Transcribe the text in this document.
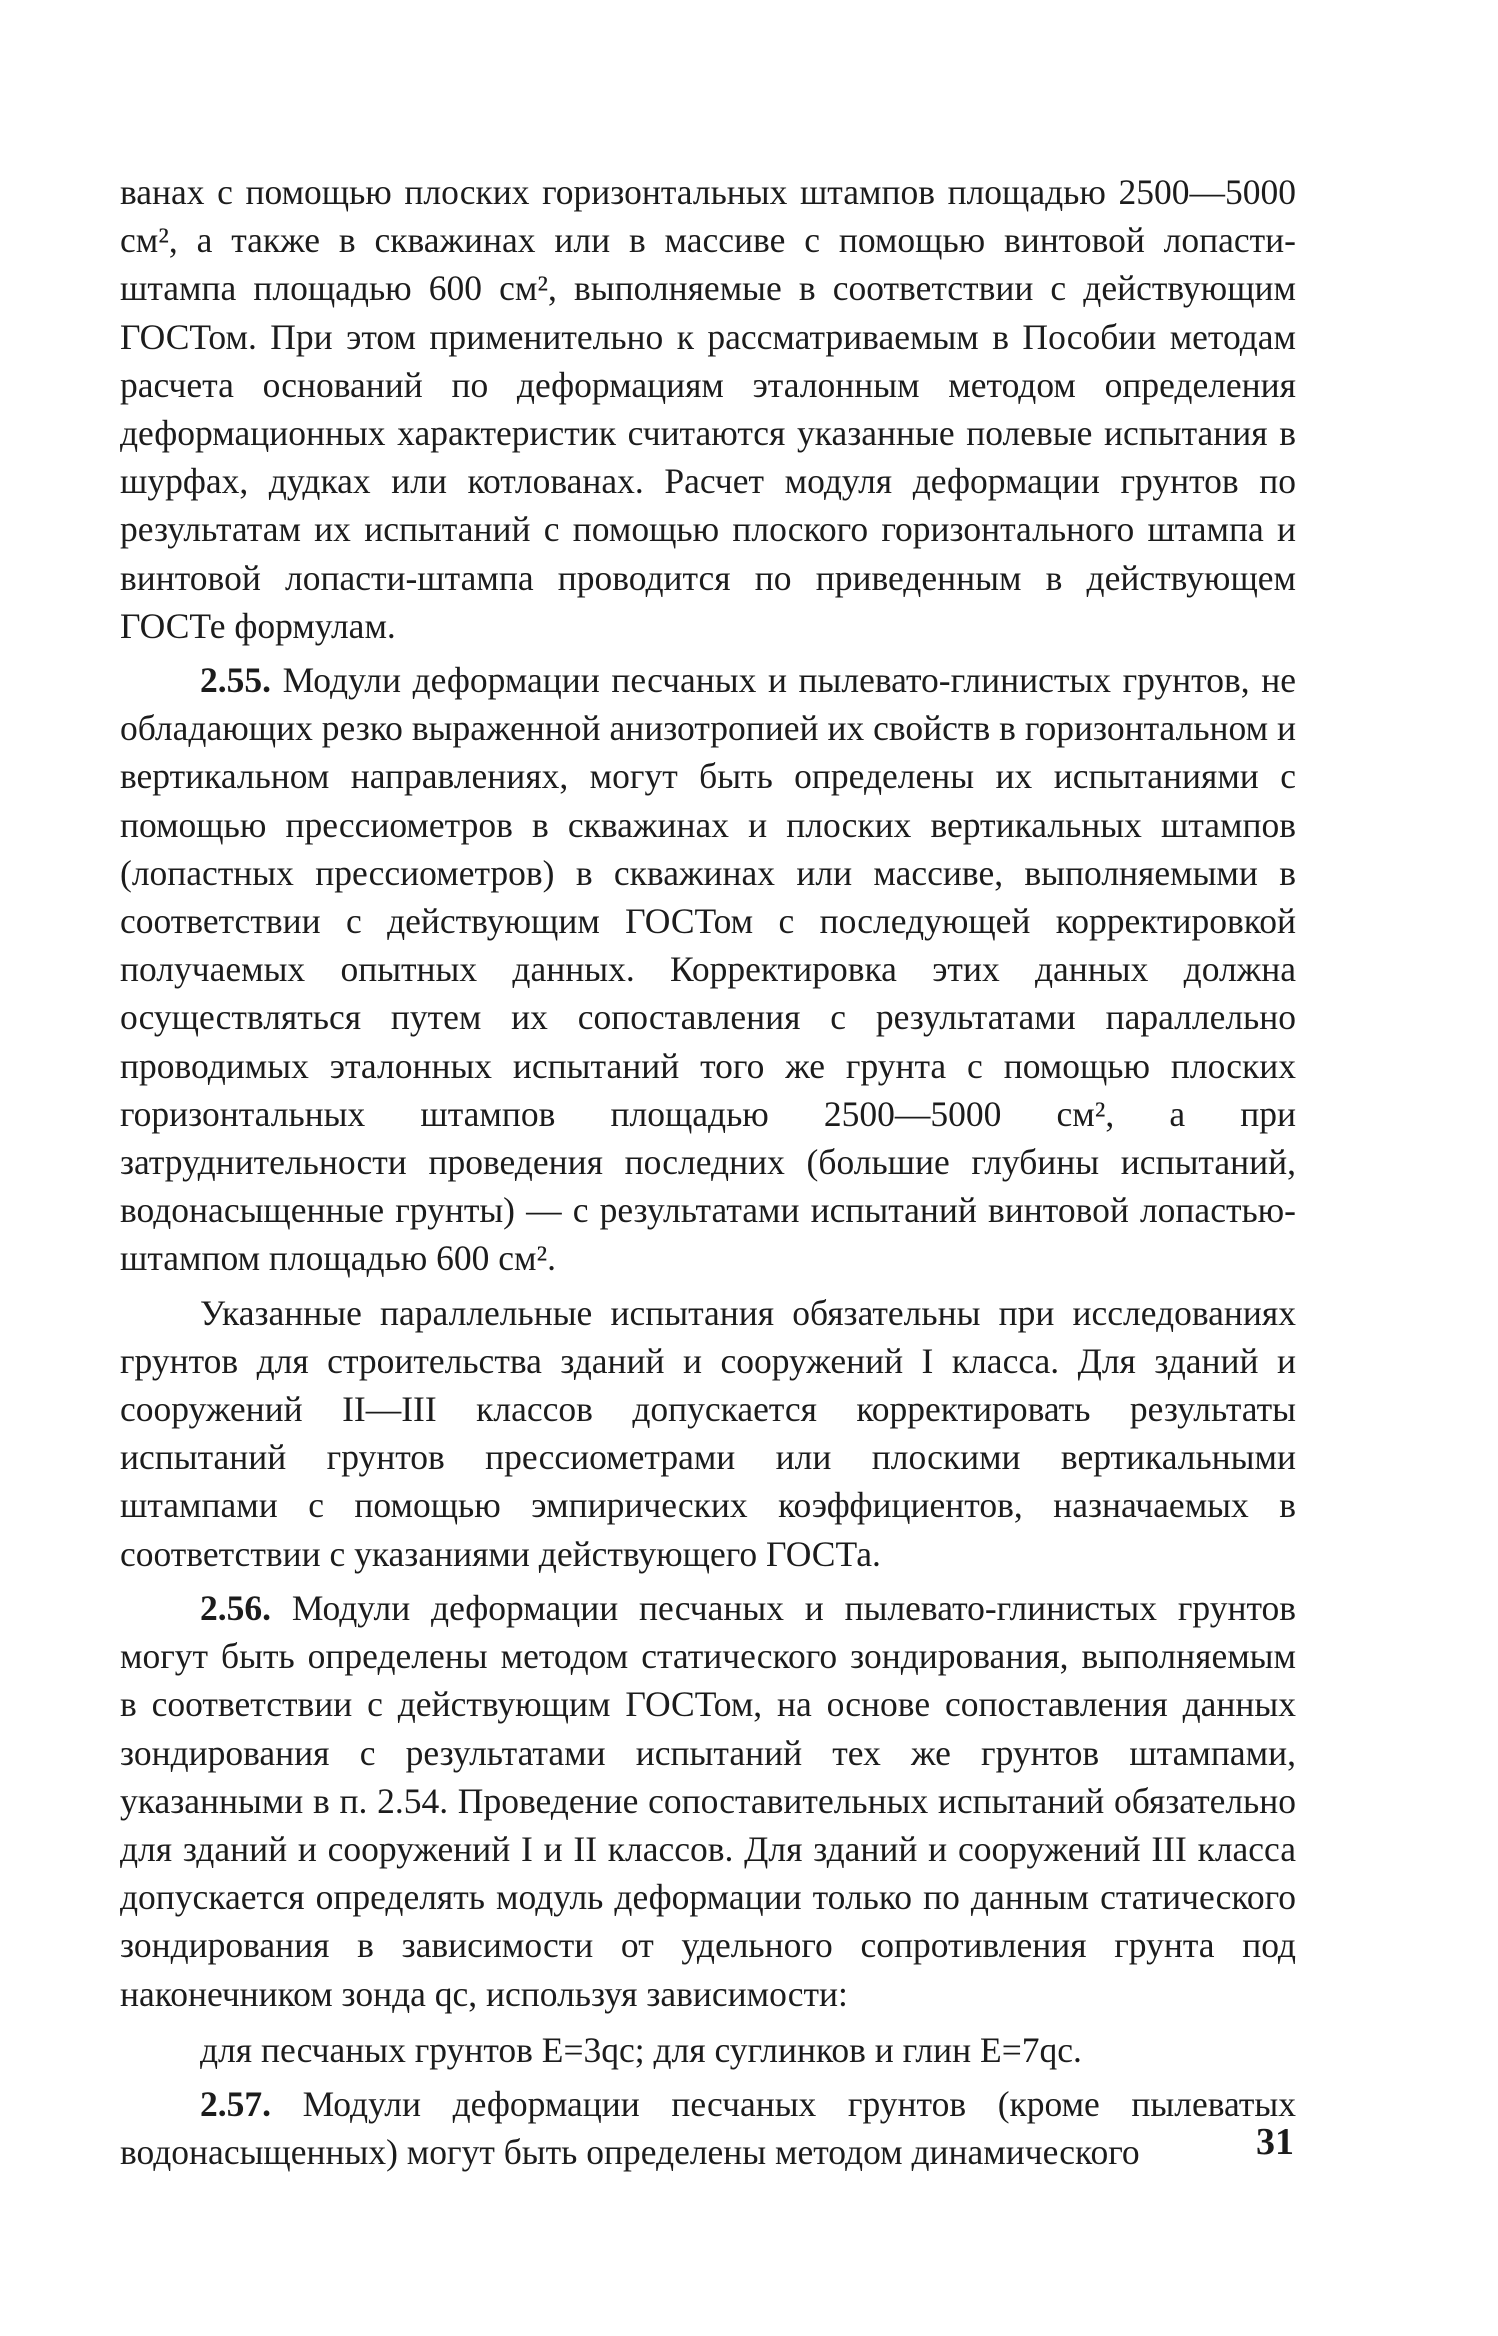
ванах с помощью плоских горизонтальных штампов площадью 2500—5000 см², а также в скважинах или в массиве с помощью винтовой лопасти-штампа площадью 600 см², выполняемые в соответствии с действующим ГОСТом. При этом применительно к рассматриваемым в Пособии методам расчета оснований по деформациям эталонным методом определения деформационных характеристик считаются указанные полевые испытания в шурфах, дудках или котлованах. Расчет модуля деформации грунтов по результатам их испытаний с помощью плоского горизонтального штампа и винтовой лопасти-штампа проводится по приведенным в действующем ГОСТе формулам.

2.55. Модули деформации песчаных и пылевато-глинистых грунтов, не обладающих резко выраженной анизотропией их свойств в горизонтальном и вертикальном направлениях, могут быть определены их испытаниями с помощью прессиометров в скважинах и плоских вертикальных штампов (лопастных прессиометров) в скважинах или массиве, выполняемыми в соответствии с действующим ГОСТом с последующей корректировкой получаемых опытных данных. Корректировка этих данных должна осуществляться путем их сопоставления с результатами параллельно проводимых эталонных испытаний того же грунта с помощью плоских горизонтальных штампов площадью 2500—5000 см², а при затруднительности проведения последних (большие глубины испытаний, водонасыщенные грунты) — с результатами испытаний винтовой лопастью-штампом площадью 600 см².

Указанные параллельные испытания обязательны при исследованиях грунтов для строительства зданий и сооружений I класса. Для зданий и сооружений II—III классов допускается корректировать результаты испытаний грунтов прессиометрами или плоскими вертикальными штампами с помощью эмпирических коэффициентов, назначаемых в соответствии с указаниями действующего ГОСТа.

2.56. Модули деформации песчаных и пылевато-глинистых грунтов могут быть определены методом статического зондирования, выполняемым в соответствии с действующим ГОСТом, на основе сопоставления данных зондирования с результатами испытаний тех же грунтов штампами, указанными в п. 2.54. Проведение сопоставительных испытаний обязательно для зданий и сооружений I и II классов. Для зданий и сооружений III класса допускается определять модуль деформации только по данным статического зондирования в зависимости от удельного сопротивления грунта под наконечником зонда qc, используя зависимости:

для песчаных грунтов E=3qc; для суглинков и глин E=7qc.

2.57. Модули деформации песчаных грунтов (кроме пылеватых водонасыщенных) могут быть определены методом динамического	31
